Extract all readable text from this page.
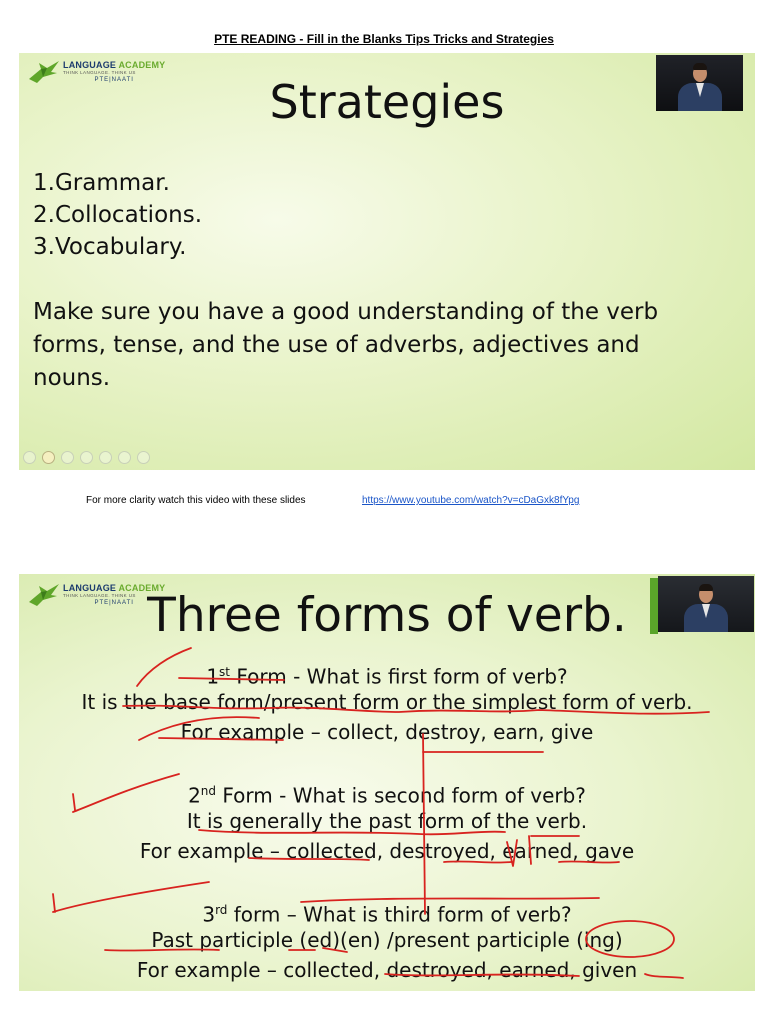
PTE READING - Fill in the Blanks Tips Tricks and Strategies
LANGUAGE ACADEMY
THINK LANGUAGE. THINK US
PTE|NAATI	Strategies
1.Grammar.
2.Collocations.
3.Vocabulary.
Make sure you have a good understanding of the verb forms, tense, and the use of adverbs, adjectives and nouns.
For more clarity watch this video with these slides	https://www.youtube.com/watch?v=cDaGxk8fYpg
LANGUAGE ACADEMY
THINK LANGUAGE. THINK US
PTE|NAATI Three forms of verb.
1st Form - What is first form of verb?
It is the base form/present form or the simplest form of verb.
For example – collect, destroy, earn, give
2nd Form - What is second form of verb?
It is generally the past form of the verb.
For example – collected, destroyed, earned, gave
3rd form – What is third form of verb?
Past participle (ed)(en) /present participle (ing)
For example – collected, destroyed, earned, given
